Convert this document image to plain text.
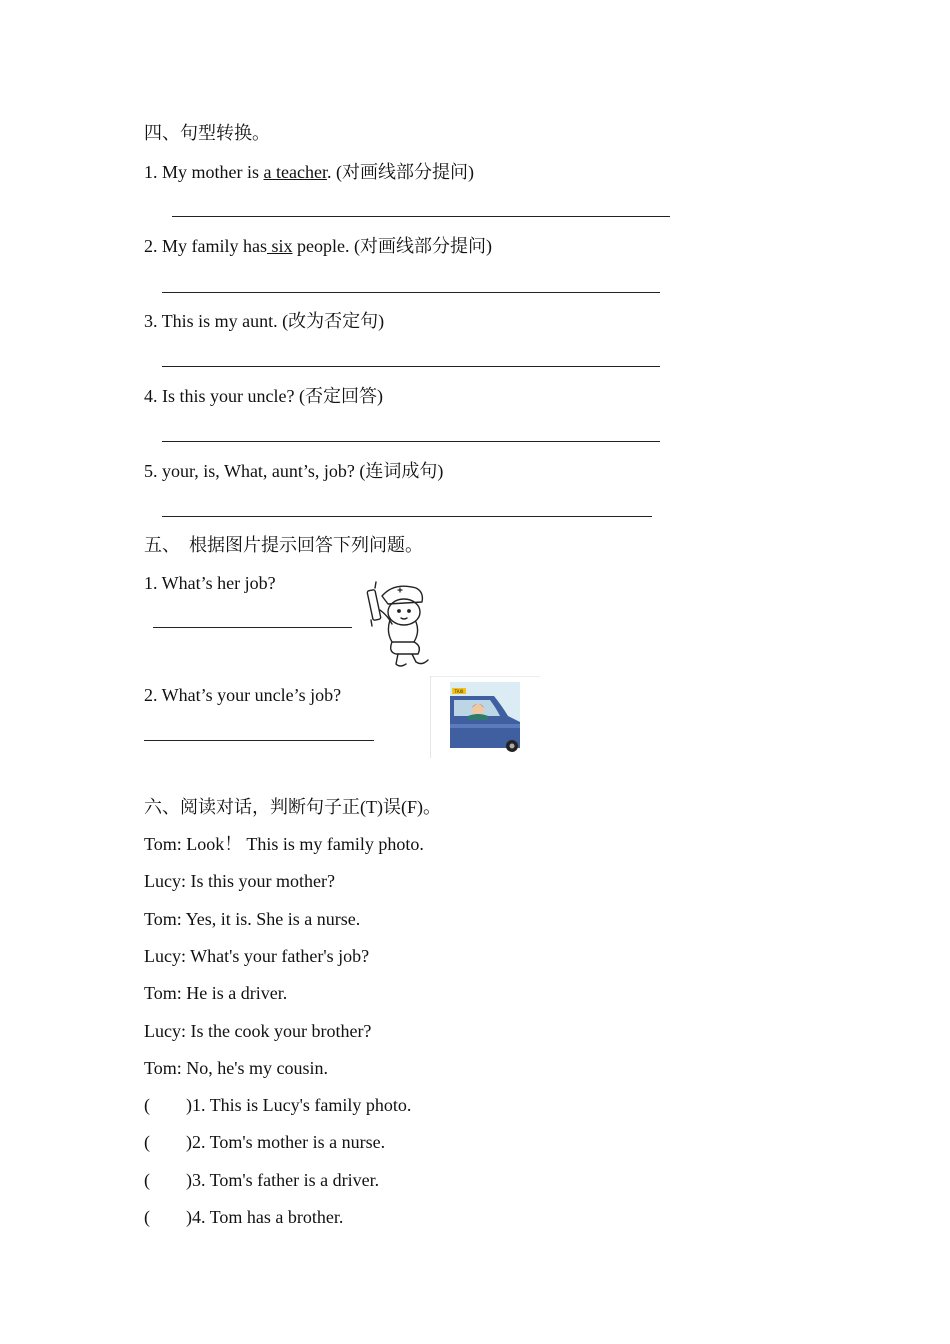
四、句型转换。
1. My mother is a teacher. (对画线部分提问)
2. My family has six people. (对画线部分提问)
3. This is my aunt. (改为否定句)
4. Is this your uncle? (否定回答)
5. your, is, What, aunt’s, job? (连词成句)
五、  根据图片提示回答下列问题。
1. What’s her job?
2. What’s your uncle’s job?	TAXI
六、阅读对话，判断句子正(T)误(F)。
Tom: Look！ This is my family photo.
Lucy: Is this your mother?
Tom: Yes, it is. She is a nurse.
Lucy: What's your father's job?
Tom: He is a driver.
Lucy: Is the cook your brother?
Tom: No, he's my cousin.
(        )1. This is Lucy's family photo.
(        )2. Tom's mother is a nurse.
(        )3. Tom's father is a driver.
(        )4. Tom has a brother.
